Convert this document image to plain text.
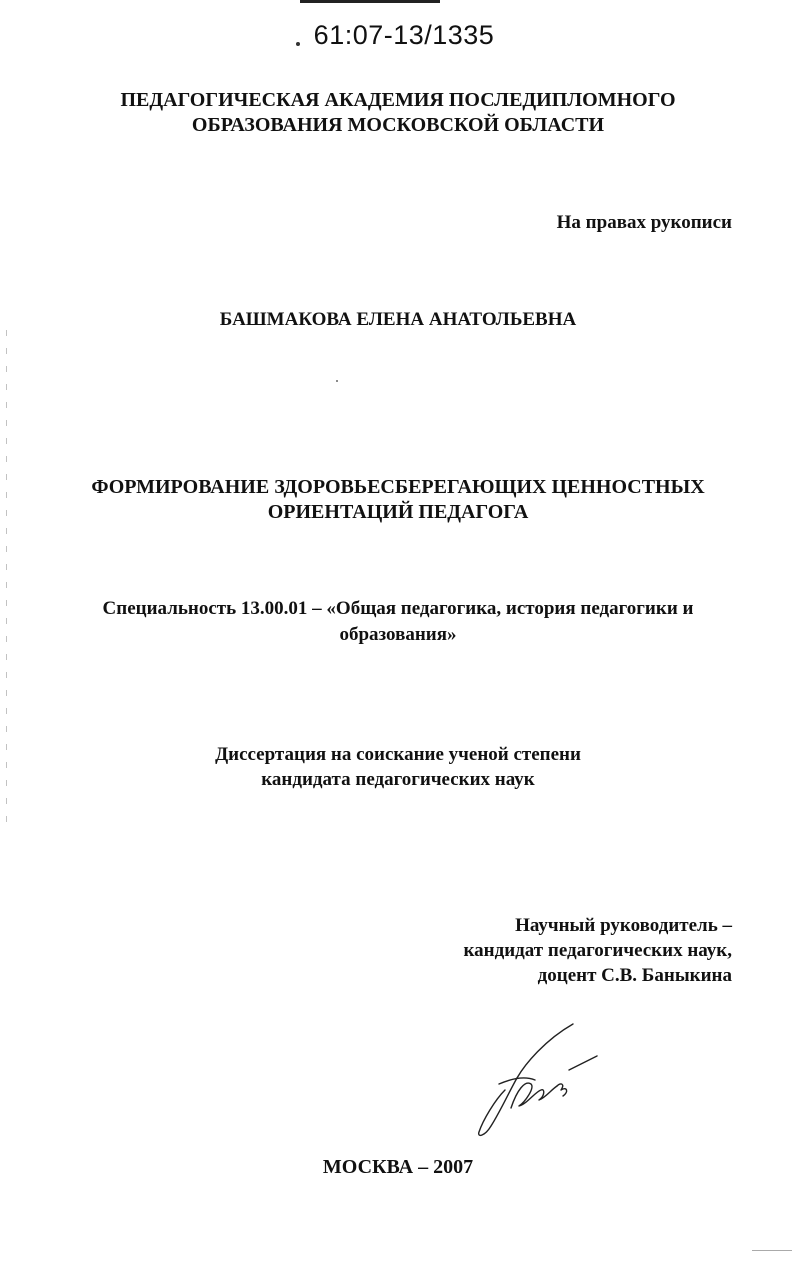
61:07-13/1335
ПЕДАГОГИЧЕСКАЯ АКАДЕМИЯ ПОСЛЕДИПЛОМНОГО
ОБРАЗОВАНИЯ МОСКОВСКОЙ ОБЛАСТИ
На правах рукописи
БАШМАКОВА ЕЛЕНА АНАТОЛЬЕВНА
ФОРМИРОВАНИЕ ЗДОРОВЬЕСБЕРЕГАЮЩИХ ЦЕННОСТНЫХ
ОРИЕНТАЦИЙ ПЕДАГОГА
Специальность 13.00.01 – «Общая педагогика, история педагогики и
образования»
Диссертация на соискание ученой степени
кандидата педагогических наук
Научный руководитель –
кандидат педагогических наук,
доцент С.В. Баныкина
МОСКВА – 2007
